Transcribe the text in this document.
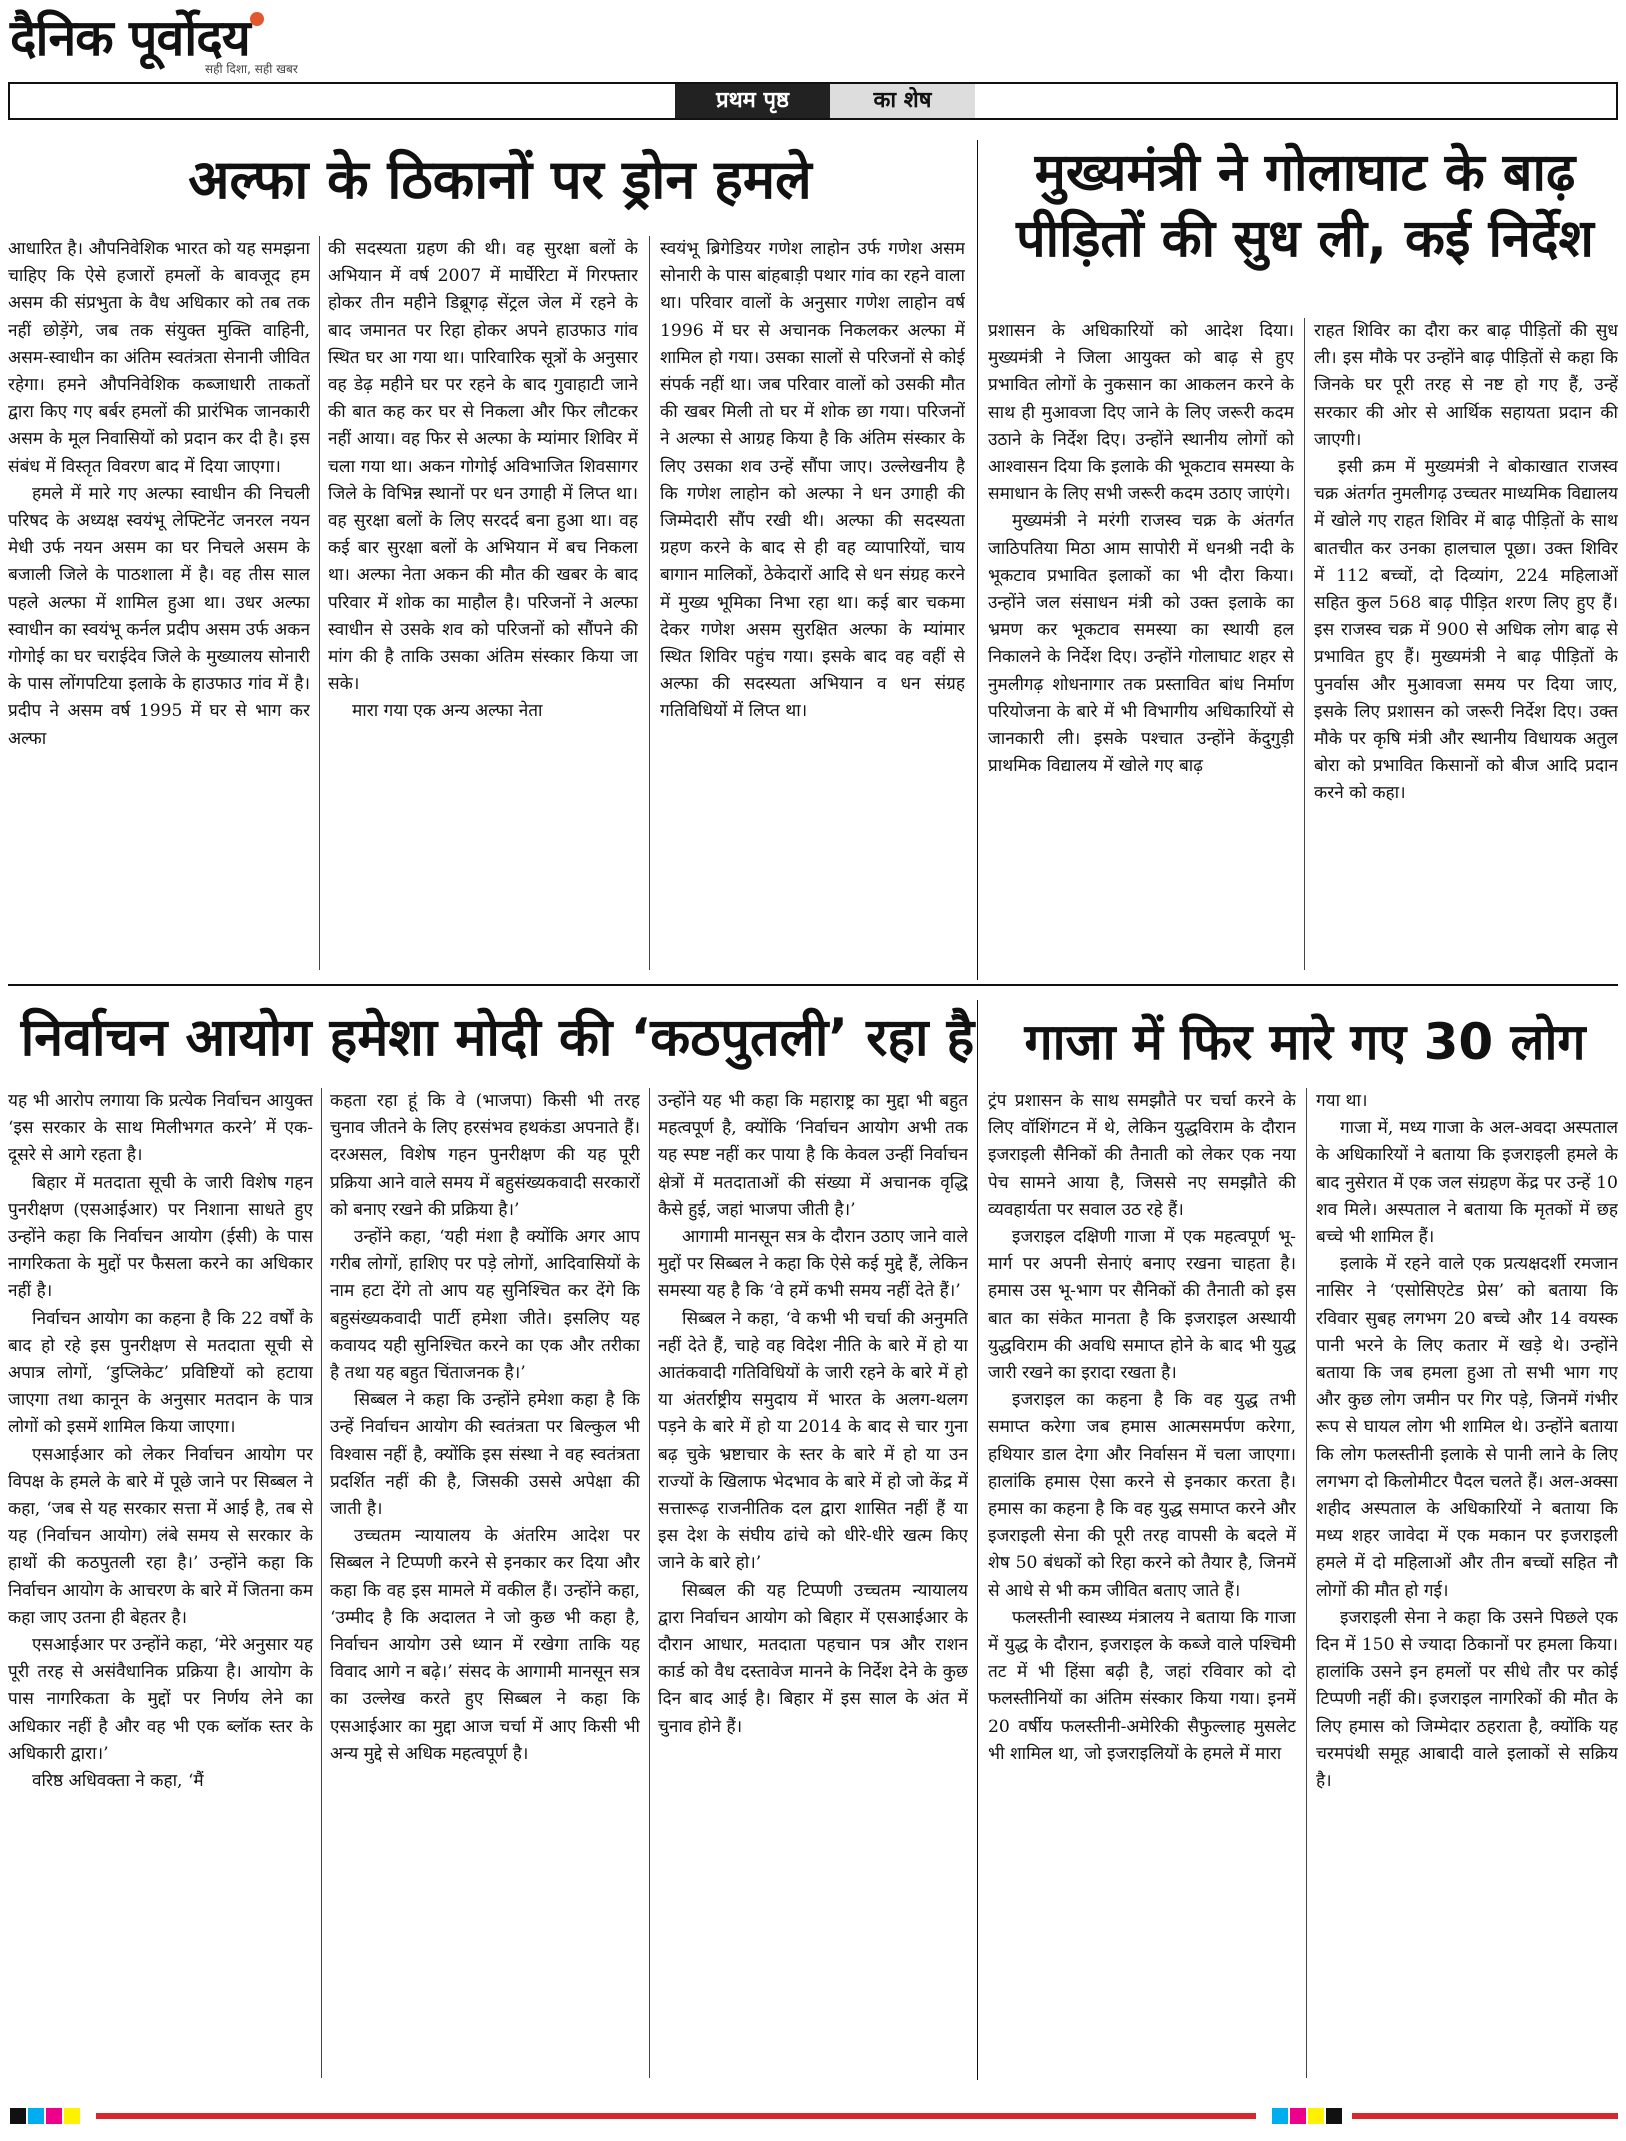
दैनिक पूर्वोदय
सही दिशा, सही खबर
प्रथम पृष्ठ	का शेष
अल्फा के ठिकानों पर ड्रोन हमले	मुख्यमंत्री ने गोलाघाट के बाढ़ पीड़ितों की सुध ली, कई निर्देश

आधारित है। औपनिवेशिक भारत को यह समझना चाहिए कि ऐसे हजारों हमलों के बावजूद हम असम की संप्रभुता के वैध अधिकार को तब तक नहीं छोड़ेंगे, जब तक संयुक्त मुक्ति वाहिनी, असम-स्वाधीन का अंतिम स्वतंत्रता सेनानी जीवित रहेगा। हमने औपनिवेशिक कब्जाधारी ताकतों द्वारा किए गए बर्बर हमलों की प्रारंभिक जानकारी असम के मूल निवासियों को प्रदान कर दी है। इस संबंध में विस्तृत विवरण बाद में दिया जाएगा।

हमले में मारे गए अल्फा स्वाधीन की निचली परिषद के अध्यक्ष स्वयंभू लेफ्टिनेंट जनरल नयन मेधी उर्फ नयन असम का घर निचले असम के बजाली जिले के पाठशाला में है। वह तीस साल पहले अल्फा में शामिल हुआ था। उधर अल्फा स्वाधीन का स्वयंभू कर्नल प्रदीप असम उर्फ अकन गोगोई का घर चराईदेव जिले के मुख्यालय सोनारी के पास लोंगपटिया इलाके के हाउफाउ गांव में है। प्रदीप ने असम वर्ष 1995 में घर से भाग कर अल्फा

की सदस्यता ग्रहण की थी। वह सुरक्षा बलों के अभियान में वर्ष 2007 में मार्घेरिटा में गिरफ्तार होकर तीन महीने डिब्रूगढ़ सेंट्रल जेल में रहने के बाद जमानत पर रिहा होकर अपने हाउफाउ गांव स्थित घर आ गया था। पारिवारिक सूत्रों के अनुसार वह डेढ़ महीने घर पर रहने के बाद गुवाहाटी जाने की बात कह कर घर से निकला और फिर लौटकर नहीं आया। वह फिर से अल्फा के म्यांमार शिविर में चला गया था। अकन गोगोई अविभाजित शिवसागर जिले के विभिन्न स्थानों पर धन उगाही में लिप्त था। वह सुरक्षा बलों के लिए सरदर्द बना हुआ था। वह कई बार सुरक्षा बलों के अभियान में बच निकला था। अल्फा नेता अकन की मौत की खबर के बाद परिवार में शोक का माहौल है। परिजनों ने अल्फा स्वाधीन से उसके शव को परिजनों को सौंपने की मांग की है ताकि उसका अंतिम संस्कार किया जा सके।

मारा गया एक अन्य अल्फा नेता

स्वयंभू ब्रिगेडियर गणेश लाहोन उर्फ गणेश असम सोनारी के पास बांहबाड़ी पथार गांव का रहने वाला था। परिवार वालों के अनुसार गणेश लाहोन वर्ष 1996 में घर से अचानक निकलकर अल्फा में शामिल हो गया। उसका सालों से परिजनों से कोई संपर्क नहीं था। जब परिवार वालों को उसकी मौत की खबर मिली तो घर में शोक छा गया। परिजनों ने अल्फा से आग्रह किया है कि अंतिम संस्कार के लिए उसका शव उन्हें सौंपा जाए। उल्लेखनीय है कि गणेश लाहोन को अल्फा ने धन उगाही की जिम्मेदारी सौंप रखी थी। अल्फा की सदस्यता ग्रहण करने के बाद से ही वह व्यापारियों, चाय बागान मालिकों, ठेकेदारों आदि से धन संग्रह करने में मुख्य भूमिका निभा रहा था। कई बार चकमा देकर गणेश असम सुरक्षित अल्फा के म्यांमार स्थित शिविर पहुंच गया। इसके बाद वह वहीं से अल्फा की सदस्यता अभियान व धन संग्रह गतिविधियों में लिप्त था।

प्रशासन के अधिकारियों को आदेश दिया। मुख्यमंत्री ने जिला आयुक्त को बाढ़ से हुए प्रभावित लोगों के नुकसान का आकलन करने के साथ ही मुआवजा दिए जाने के लिए जरूरी कदम उठाने के निर्देश दिए। उन्होंने स्थानीय लोगों को आश्वासन दिया कि इलाके की भूकटाव समस्या के समाधान के लिए सभी जरूरी कदम उठाए जाएंगे।

मुख्यमंत्री ने मरंगी राजस्व चक्र के अंतर्गत जाठिपतिया मिठा आम सापोरी में धनश्री नदी के भूकटाव प्रभावित इलाकों का भी दौरा किया। उन्होंने जल संसाधन मंत्री को उक्त इलाके का भ्रमण कर भूकटाव समस्या का स्थायी हल निकालने के निर्देश दिए। उन्होंने गोलाघाट शहर से नुमलीगढ़ शोधनागार तक प्रस्तावित बांध निर्माण परियोजना के बारे में भी विभागीय अधिकारियों से जानकारी ली। इसके पश्चात उन्होंने केंदुगुड़ी प्राथमिक विद्यालय में खोले गए बाढ़

राहत शिविर का दौरा कर बाढ़ पीड़ितों की सुध ली। इस मौके पर उन्होंने बाढ़ पीड़ितों से कहा कि जिनके घर पूरी तरह से नष्ट हो गए हैं, उन्हें सरकार की ओर से आर्थिक सहायता प्रदान की जाएगी।

इसी क्रम में मुख्यमंत्री ने बोकाखात राजस्व चक्र अंतर्गत नुमलीगढ़ उच्चतर माध्यमिक विद्यालय में खोले गए राहत शिविर में बाढ़ पीड़ितों के साथ बातचीत कर उनका हालचाल पूछा। उक्त शिविर में 112 बच्चों, दो दिव्यांग, 224 महिलाओं सहित कुल 568 बाढ़ पीड़ित शरण लिए हुए हैं। इस राजस्व चक्र में 900 से अधिक लोग बाढ़ से प्रभावित हुए हैं। मुख्यमंत्री ने बाढ़ पीड़ितों के पुनर्वास और मुआवजा समय पर दिया जाए, इसके लिए प्रशासन को जरूरी निर्देश दिए। उक्त मौके पर कृषि मंत्री और स्थानीय विधायक अतुल बोरा को प्रभावित किसानों को बीज आदि प्रदान करने को कहा।

निर्वाचन आयोग हमेशा मोदी की ‘कठपुतली’ रहा है	गाजा में फिर मारे गए 30 लोग

यह भी आरोप लगाया कि प्रत्येक निर्वाचन आयुक्त ‘इस सरकार के साथ मिलीभगत करने’ में एक-दूसरे से आगे रहता है।

बिहार में मतदाता सूची के जारी विशेष गहन पुनरीक्षण (एसआईआर) पर निशाना साधते हुए उन्होंने कहा कि निर्वाचन आयोग (ईसी) के पास नागरिकता के मुद्दों पर फैसला करने का अधिकार नहीं है।

निर्वाचन आयोग का कहना है कि 22 वर्षों के बाद हो रहे इस पुनरीक्षण से मतदाता सूची से अपात्र लोगों, ‘डुप्लिकेट’ प्रविष्टियों को हटाया जाएगा तथा कानून के अनुसार मतदान के पात्र लोगों को इसमें शामिल किया जाएगा।

एसआईआर को लेकर निर्वाचन आयोग पर विपक्ष के हमले के बारे में पूछे जाने पर सिब्बल ने कहा, ‘जब से यह सरकार सत्ता में आई है, तब से यह (निर्वाचन आयोग) लंबे समय से सरकार के हाथों की कठपुतली रहा है।’ उन्होंने कहा कि निर्वाचन आयोग के आचरण के बारे में जितना कम कहा जाए उतना ही बेहतर है।

एसआईआर पर उन्होंने कहा, ‘मेरे अनुसार यह पूरी तरह से असंवैधानिक प्रक्रिया है। आयोग के पास नागरिकता के मुद्दों पर निर्णय लेने का अधिकार नहीं है और वह भी एक ब्लॉक स्तर के अधिकारी द्वारा।’

वरिष्ठ अधिवक्ता ने कहा, ‘मैं

कहता रहा हूं कि वे (भाजपा) किसी भी तरह चुनाव जीतने के लिए हरसंभव हथकंडा अपनाते हैं। दरअसल, विशेष गहन पुनरीक्षण की यह पूरी प्रक्रिया आने वाले समय में बहुसंख्यकवादी सरकारों को बनाए रखने की प्रक्रिया है।’

उन्होंने कहा, ‘यही मंशा है क्योंकि अगर आप गरीब लोगों, हाशिए पर पड़े लोगों, आदिवासियों के नाम हटा देंगे तो आप यह सुनिश्चित कर देंगे कि बहुसंख्यकवादी पार्टी हमेशा जीते। इसलिए यह कवायद यही सुनिश्चित करने का एक और तरीका है तथा यह बहुत चिंताजनक है।’

सिब्बल ने कहा कि उन्होंने हमेशा कहा है कि उन्हें निर्वाचन आयोग की स्वतंत्रता पर बिल्कुल भी विश्वास नहीं है, क्योंकि इस संस्था ने वह स्वतंत्रता प्रदर्शित नहीं की है, जिसकी उससे अपेक्षा की जाती है।

उच्चतम न्यायालय के अंतरिम आदेश पर सिब्बल ने टिप्पणी करने से इनकार कर दिया और कहा कि वह इस मामले में वकील हैं। उन्होंने कहा, ‘उम्मीद है कि अदालत ने जो कुछ भी कहा है, निर्वाचन आयोग उसे ध्यान में रखेगा ताकि यह विवाद आगे न बढ़े।’ संसद के आगामी मानसून सत्र का उल्लेख करते हुए सिब्बल ने कहा कि एसआईआर का मुद्दा आज चर्चा में आए किसी भी अन्य मुद्दे से अधिक महत्वपूर्ण है।

उन्होंने यह भी कहा कि महाराष्ट्र का मुद्दा भी बहुत महत्वपूर्ण है, क्योंकि ‘निर्वाचन आयोग अभी तक यह स्पष्ट नहीं कर पाया है कि केवल उन्हीं निर्वाचन क्षेत्रों में मतदाताओं की संख्या में अचानक वृद्धि कैसे हुई, जहां भाजपा जीती है।’

आगामी मानसून सत्र के दौरान उठाए जाने वाले मुद्दों पर सिब्बल ने कहा कि ऐसे कई मुद्दे हैं, लेकिन समस्या यह है कि ‘वे हमें कभी समय नहीं देते हैं।’

सिब्बल ने कहा, ‘वे कभी भी चर्चा की अनुमति नहीं देते हैं, चाहे वह विदेश नीति के बारे में हो या आतंकवादी गतिविधियों के जारी रहने के बारे में हो या अंतर्राष्ट्रीय समुदाय में भारत के अलग-थलग पड़ने के बारे में हो या 2014 के बाद से चार गुना बढ़ चुके भ्रष्टाचार के स्तर के बारे में हो या उन राज्यों के खिलाफ भेदभाव के बारे में हो जो केंद्र में सत्तारूढ़ राजनीतिक दल द्वारा शासित नहीं हैं या इस देश के संघीय ढांचे को धीरे-धीरे खत्म किए जाने के बारे हो।’

सिब्बल की यह टिप्पणी उच्चतम न्यायालय द्वारा निर्वाचन आयोग को बिहार में एसआईआर के दौरान आधार, मतदाता पहचान पत्र और राशन कार्ड को वैध दस्तावेज मानने के निर्देश देने के कुछ दिन बाद आई है। बिहार में इस साल के अंत में चुनाव होने हैं।

ट्रंप प्रशासन के साथ समझौते पर चर्चा करने के लिए वॉशिंगटन में थे, लेकिन युद्धविराम के दौरान इजराइली सैनिकों की तैनाती को लेकर एक नया पेच सामने आया है, जिससे नए समझौते की व्यवहार्यता पर सवाल उठ रहे हैं।

इजराइल दक्षिणी गाजा में एक महत्वपूर्ण भू-मार्ग पर अपनी सेनाएं बनाए रखना चाहता है। हमास उस भू-भाग पर सैनिकों की तैनाती को इस बात का संकेत मानता है कि इजराइल अस्थायी युद्धविराम की अवधि समाप्त होने के बाद भी युद्ध जारी रखने का इरादा रखता है।

इजराइल का कहना है कि वह युद्ध तभी समाप्त करेगा जब हमास आत्मसमर्पण करेगा, हथियार डाल देगा और निर्वासन में चला जाएगा। हालांकि हमास ऐसा करने से इनकार करता है। हमास का कहना है कि वह युद्ध समाप्त करने और इजराइली सेना की पूरी तरह वापसी के बदले में शेष 50 बंधकों को रिहा करने को तैयार है, जिनमें से आधे से भी कम जीवित बताए जाते हैं।

फलस्तीनी स्वास्थ्य मंत्रालय ने बताया कि गाजा में युद्ध के दौरान, इजराइल के कब्जे वाले पश्चिमी तट में भी हिंसा बढ़ी है, जहां रविवार को दो फलस्तीनियों का अंतिम संस्कार किया गया। इनमें 20 वर्षीय फलस्तीनी-अमेरिकी सैफुल्लाह मुसलेट भी शामिल था, जो इजराइलियों के हमले में मारा

गया था।

गाजा में, मध्य गाजा के अल-अवदा अस्पताल के अधिकारियों ने बताया कि इजराइली हमले के बाद नुसेरात में एक जल संग्रहण केंद्र पर उन्हें 10 शव मिले। अस्पताल ने बताया कि मृतकों में छह बच्चे भी शामिल हैं।

इलाके में रहने वाले एक प्रत्यक्षदर्शी रमजान नासिर ने ‘एसोसिएटेड प्रेस’ को बताया कि रविवार सुबह लगभग 20 बच्चे और 14 वयस्क पानी भरने के लिए कतार में खड़े थे। उन्होंने बताया कि जब हमला हुआ तो सभी भाग गए और कुछ लोग जमीन पर गिर पड़े, जिनमें गंभीर रूप से घायल लोग भी शामिल थे। उन्होंने बताया कि लोग फलस्तीनी इलाके से पानी लाने के लिए लगभग दो किलोमीटर पैदल चलते हैं। अल-अक्सा शहीद अस्पताल के अधिकारियों ने बताया कि मध्य शहर जावेदा में एक मकान पर इजराइली हमले में दो महिलाओं और तीन बच्चों सहित नौ लोगों की मौत हो गई।

इजराइली सेना ने कहा कि उसने पिछले एक दिन में 150 से ज्यादा ठिकानों पर हमला किया। हालांकि उसने इन हमलों पर सीधे तौर पर कोई टिप्पणी नहीं की। इजराइल नागरिकों की मौत के लिए हमास को जिम्मेदार ठहराता है, क्योंकि यह चरमपंथी समूह आबादी वाले इलाकों से सक्रिय है।
